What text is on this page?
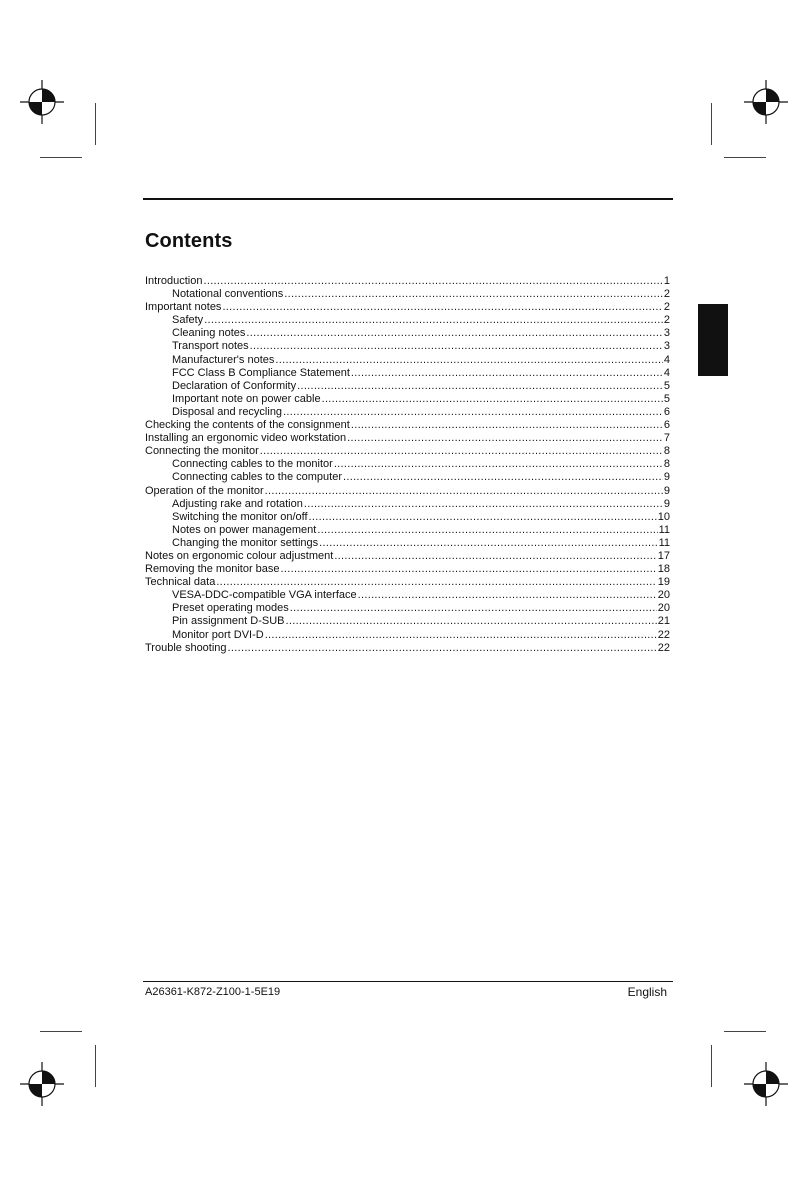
Contents
Introduction .....	1
Notational conventions .....	2
Important notes .....	2
Safety .....	2
Cleaning notes .....	3
Transport notes .....	3
Manufacturer's notes .....	4
FCC Class B Compliance Statement .....	4
Declaration of Conformity .....	5
Important note on power cable .....	5
Disposal and recycling .....	6
Checking the contents of the consignment .....	6
Installing an ergonomic video workstation .....	7
Connecting the monitor .....	8
Connecting cables to the monitor .....	8
Connecting cables to the computer .....	9
Operation of the monitor .....	9
Adjusting rake and rotation .....	9
Switching the monitor on/off .....	10
Notes on power management .....	11
Changing the monitor settings .....	11
Notes on ergonomic colour adjustment .....	17
Removing the monitor base .....	18
Technical data .....	19
VESA-DDC-compatible VGA interface .....	20
Preset operating modes .....	20
Pin assignment D-SUB .....	21
Monitor port DVI-D .....	22
Trouble shooting .....	22
A26361-K872-Z100-1-5E19	English
